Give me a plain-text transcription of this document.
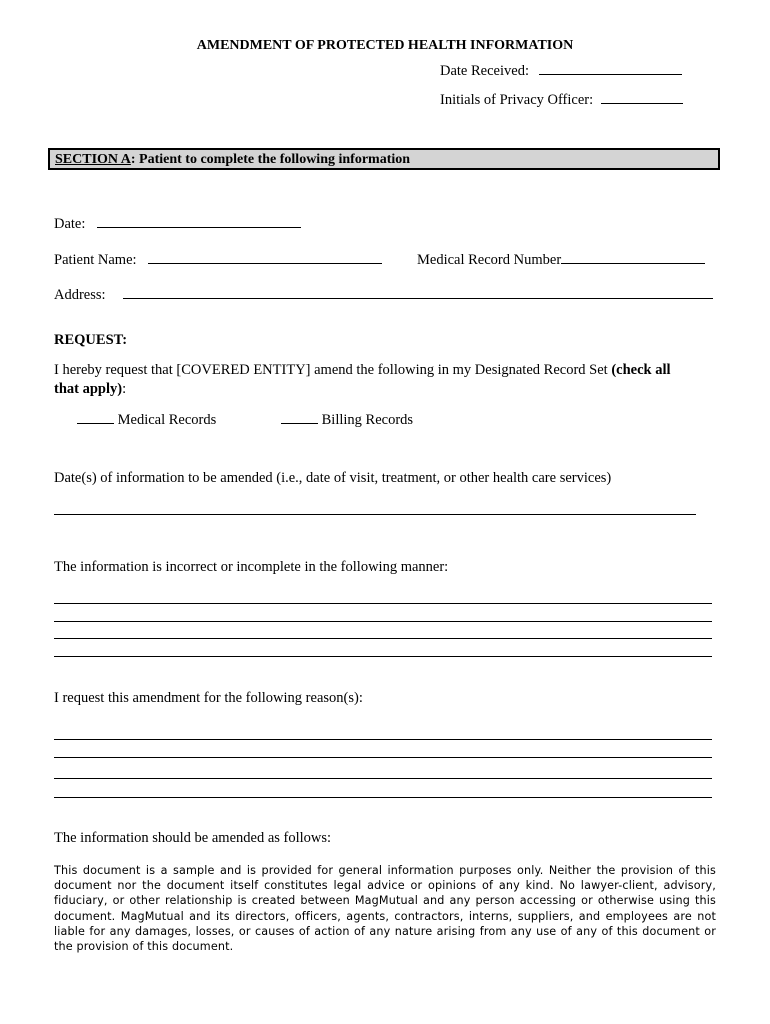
AMENDMENT OF PROTECTED HEALTH INFORMATION
Date Received:
Initials of Privacy Officer:
SECTION A: Patient to complete the following information
Date:
Patient Name:	Medical Record Number
Address:
REQUEST:
I hereby request that [COVERED ENTITY] amend the following in my Designated Record Set (check all
that apply):
Medical Records	Billing Records
Date(s) of information to be amended (i.e., date of visit, treatment, or other health care services)
The information is incorrect or incomplete in the following manner:
I request this amendment for the following reason(s):
The information should be amended as follows:
This document is a sample and is provided for general information purposes only. Neither the provision of this document nor the document itself constitutes legal advice or opinions of any kind. No lawyer-client, advisory, fiduciary, or other relationship is created between MagMutual and any person accessing or otherwise using this document. MagMutual and its directors, officers, agents, contractors, interns, suppliers, and employees are not liable for any damages, losses, or causes of action of any nature arising from any use of any of this document or the provision of this document.
